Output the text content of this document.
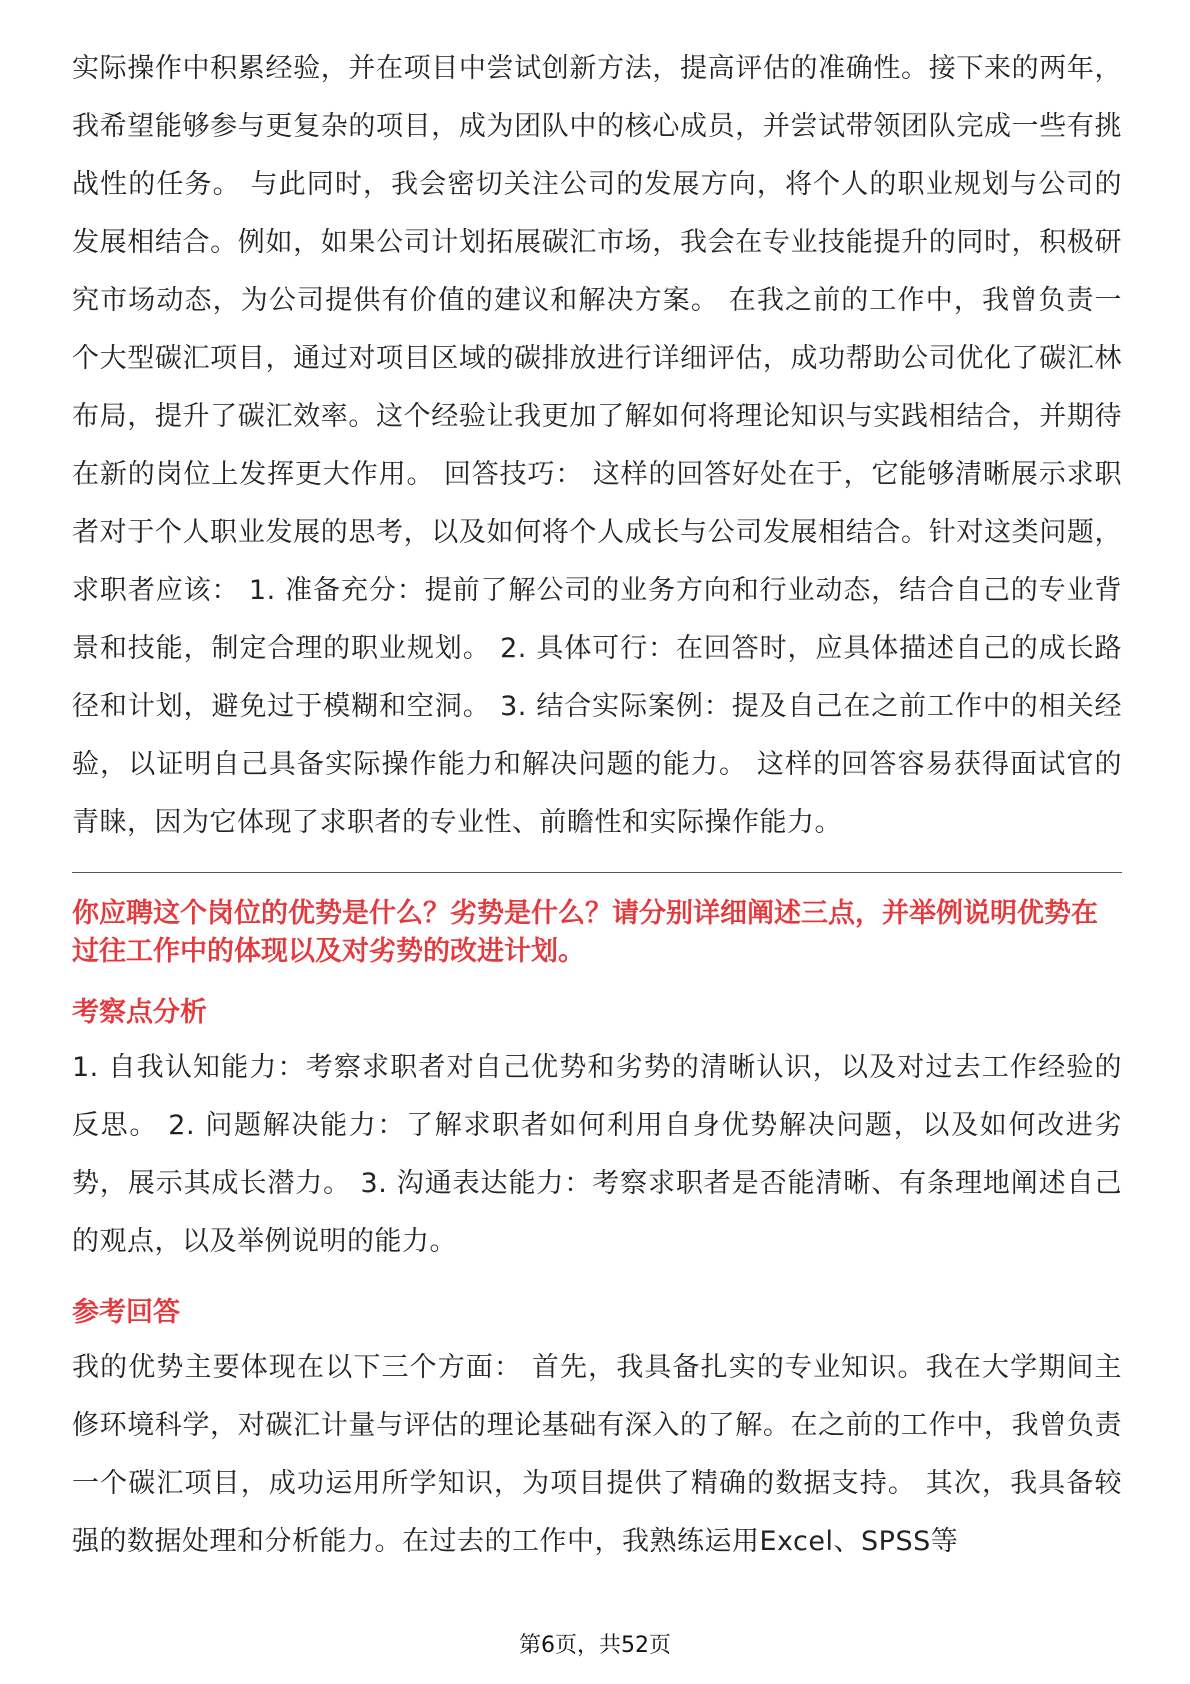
实际操作中积累经验，并在项目中尝试创新方法，提高评估的准确性。接下来的两年，我希望能够参与更复杂的项目，成为团队中的核心成员，并尝试带领团队完成一些有挑战性的任务。 与此同时，我会密切关注公司的发展方向，将个人的职业规划与公司的发展相结合。例如，如果公司计划拓展碳汇市场，我会在专业技能提升的同时，积极研究市场动态，为公司提供有价值的建议和解决方案。 在我之前的工作中，我曾负责一个大型碳汇项目，通过对项目区域的碳排放进行详细评估，成功帮助公司优化了碳汇林布局，提升了碳汇效率。这个经验让我更加了解如何将理论知识与实践相结合，并期待在新的岗位上发挥更大作用。 回答技巧： 这样的回答好处在于，它能够清晰展示求职者对于个人职业发展的思考，以及如何将个人成长与公司发展相结合。针对这类问题，求职者应该： 1. 准备充分：提前了解公司的业务方向和行业动态，结合自己的专业背景和技能，制定合理的职业规划。 2. 具体可行：在回答时，应具体描述自己的成长路径和计划，避免过于模糊和空洞。 3. 结合实际案例：提及自己在之前工作中的相关经验，以证明自己具备实际操作能力和解决问题的能力。 这样的回答容易获得面试官的青睐，因为它体现了求职者的专业性、前瞻性和实际操作能力。

你应聘这个岗位的优势是什么？劣势是什么？请分别详细阐述三点，并举例说明优势在过往工作中的体现以及对劣势的改进计划。

考察点分析

1. 自我认知能力：考察求职者对自己优势和劣势的清晰认识，以及对过去工作经验的反思。 2. 问题解决能力：了解求职者如何利用自身优势解决问题，以及如何改进劣势，展示其成长潜力。 3. 沟通表达能力：考察求职者是否能清晰、有条理地阐述自己的观点，以及举例说明的能力。

参考回答

我的优势主要体现在以下三个方面： 首先，我具备扎实的专业知识。我在大学期间主修环境科学，对碳汇计量与评估的理论基础有深入的了解。在之前的工作中，我曾负责一个碳汇项目，成功运用所学知识，为项目提供了精确的数据支持。 其次，我具备较强的数据处理和分析能力。在过去的工作中，我熟练运用Excel、SPSS等

第6页，共52页
